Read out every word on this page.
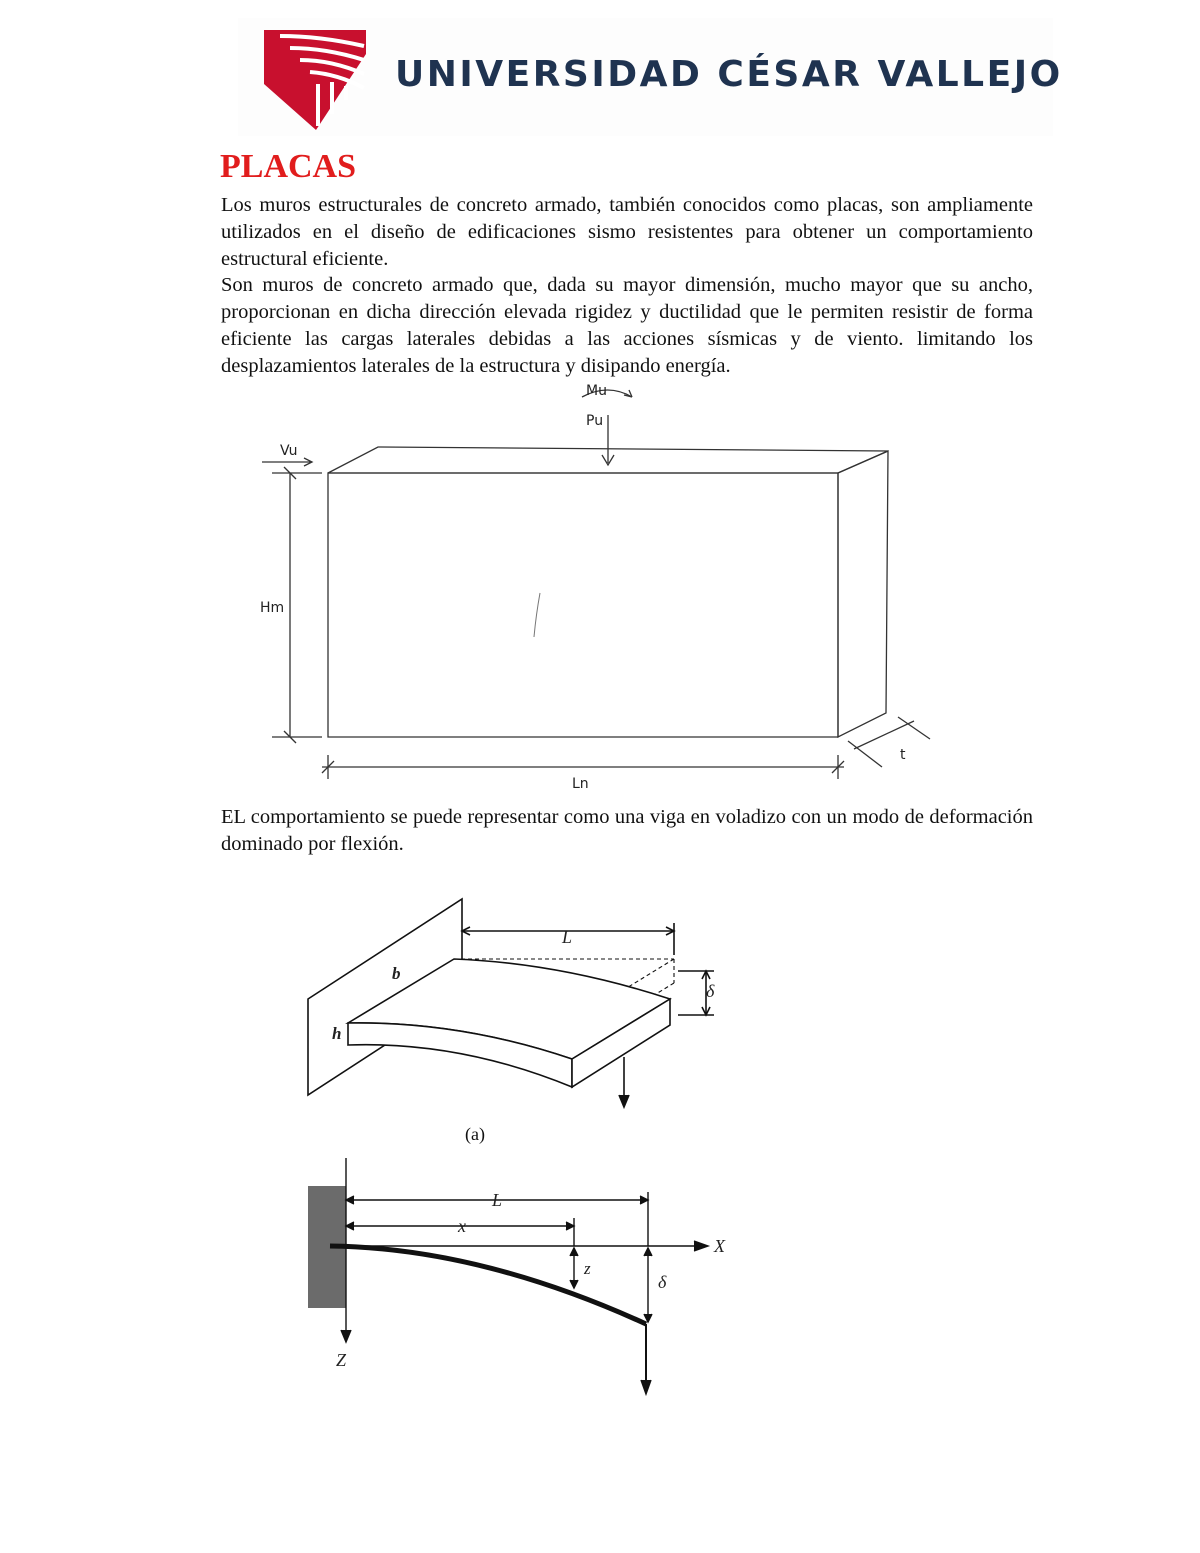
UNIVERSIDAD CÉSAR VALLEJO
PLACAS

Los muros estructurales de concreto armado, también conocidos como placas, son ampliamente utilizados en el diseño de edificaciones sismo resistentes para obtener un comportamiento estructural eficiente.

Son muros de concreto armado que, dada su mayor dimensión, mucho mayor que su ancho, proporcionan en dicha dirección elevada rigidez y ductilidad que le permiten resistir de forma eficiente las cargas laterales debidas a las acciones sísmicas y de viento. limitando los desplazamientos laterales de la estructura y disipando energía.

Mu
Pu
Vu
Hm
Ln
t

EL comportamiento se puede representar como una viga en voladizo con un modo de deformación dominado por flexión.

L
b
h
δ
(a)
L
x
z
δ
X
Z
